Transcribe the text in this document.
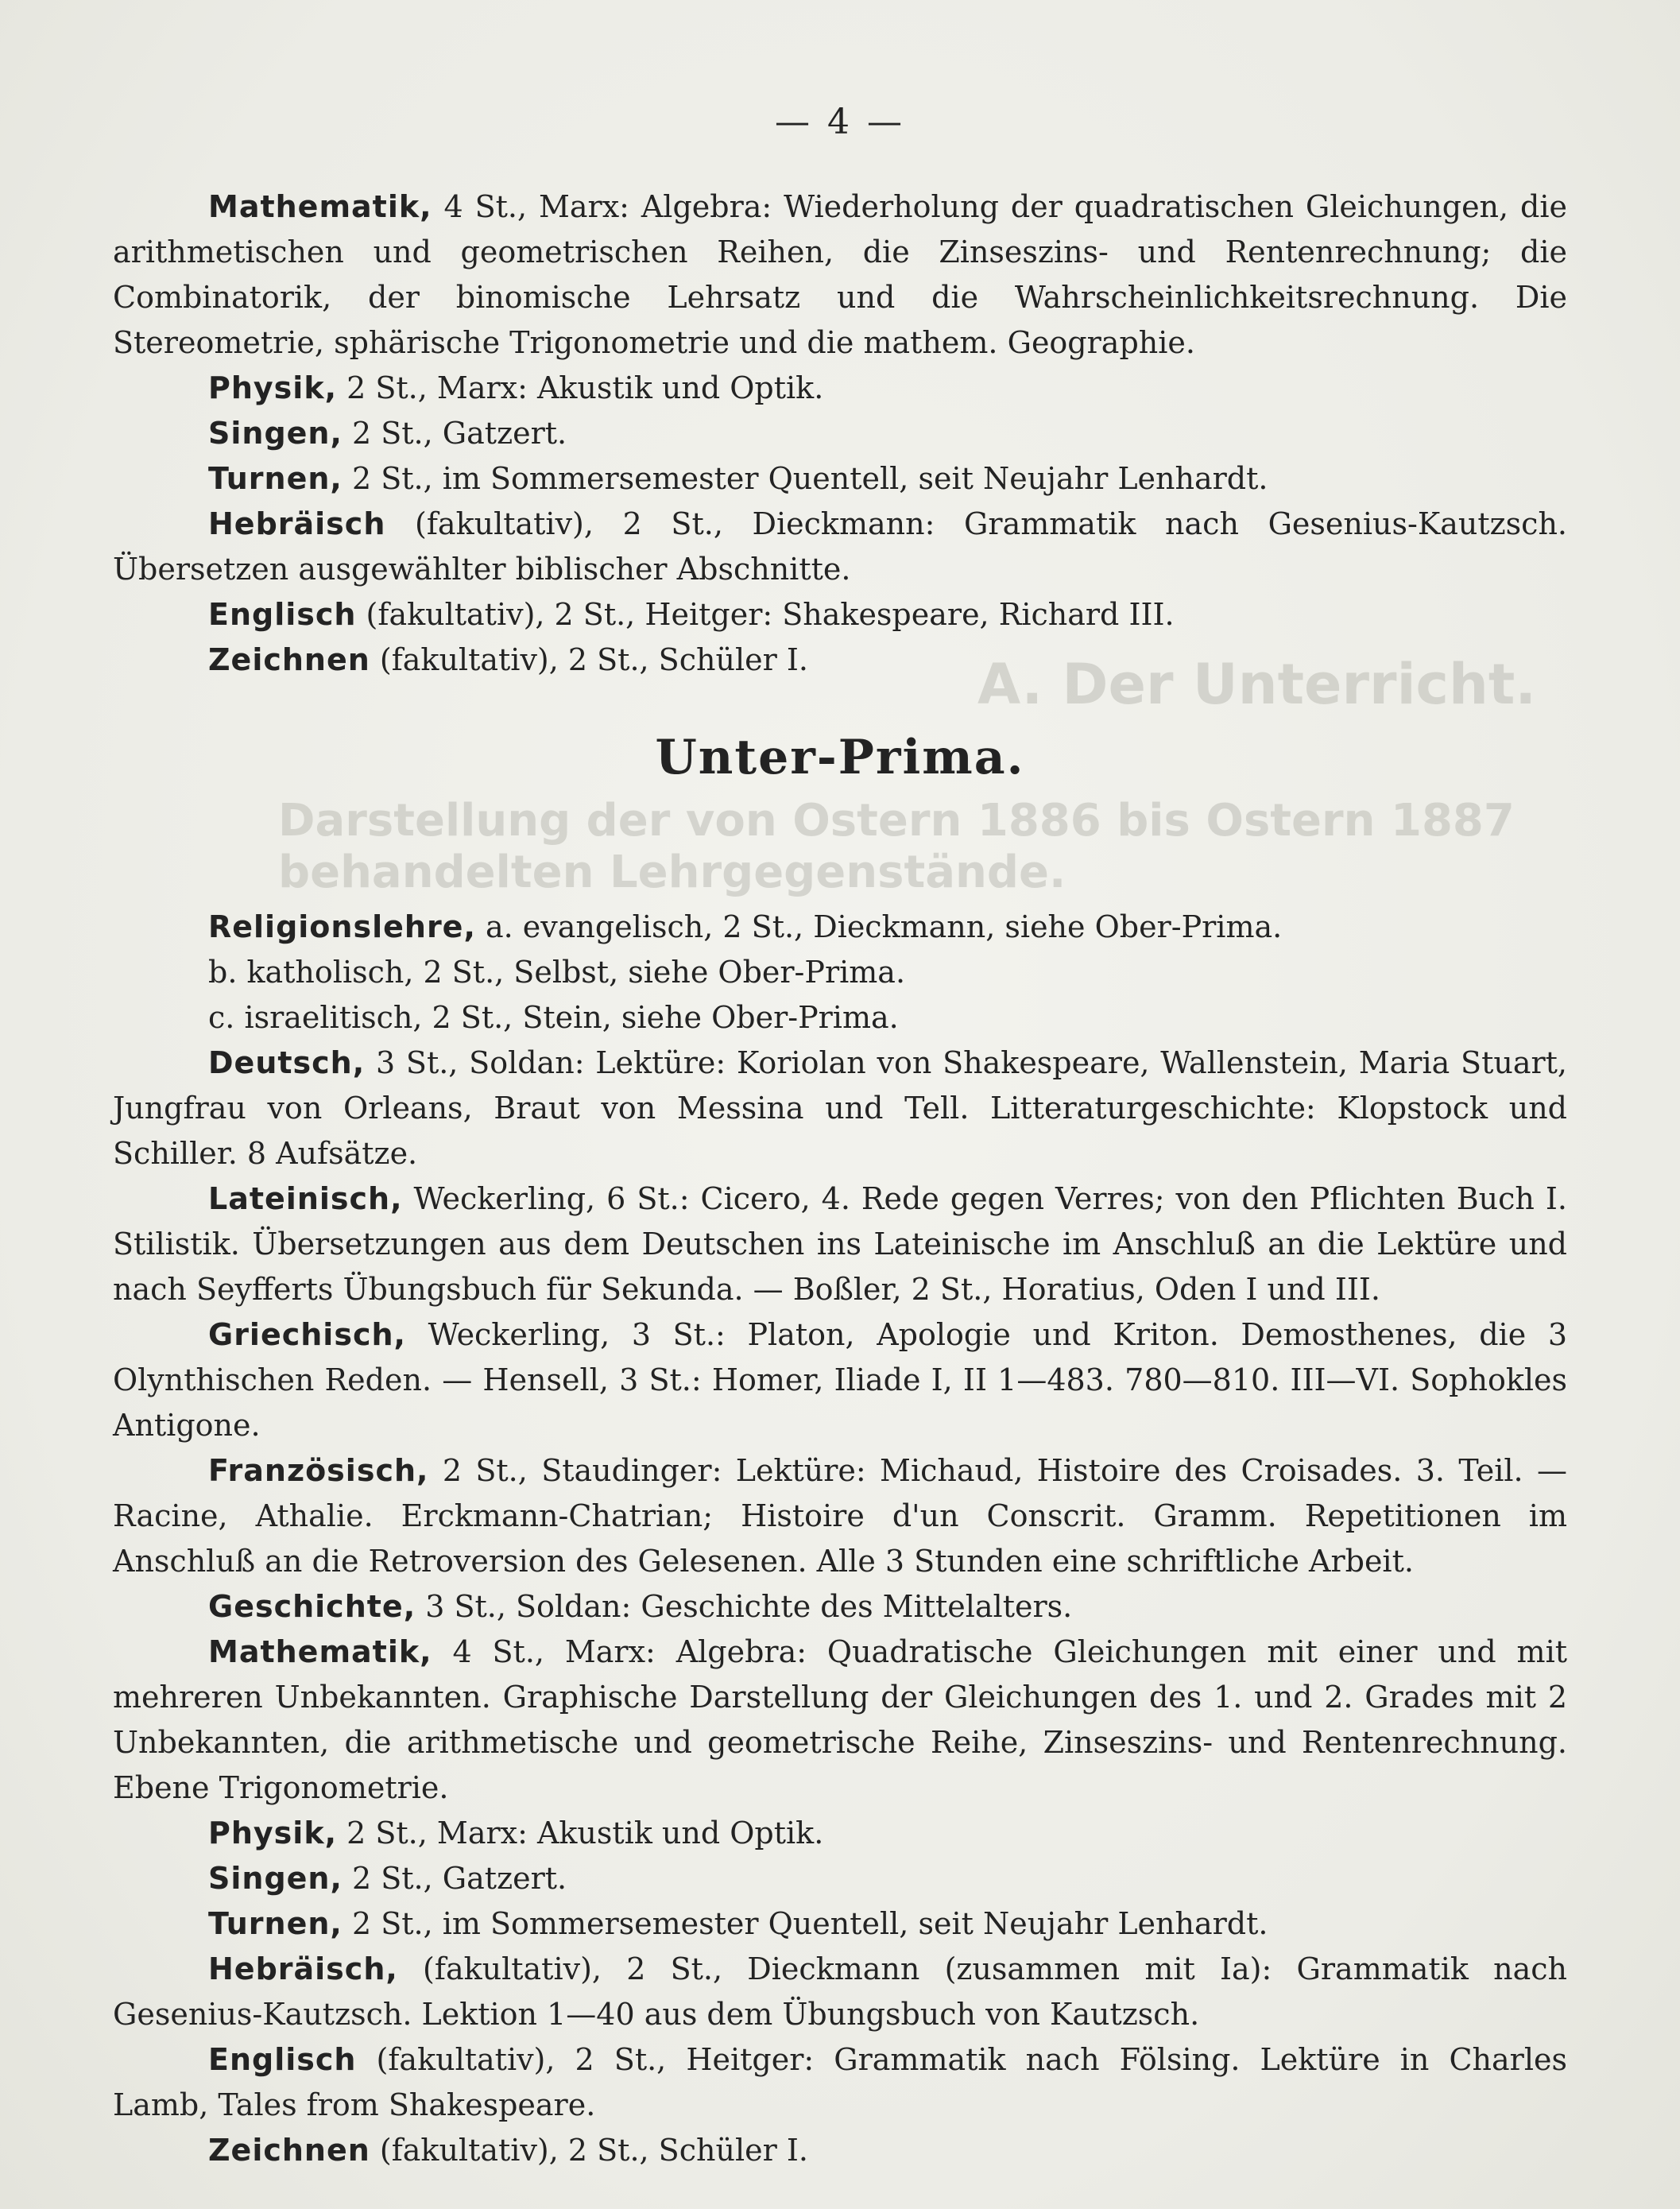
A. Der Unterricht.
Darstellung der von Ostern 1886 bis Ostern 1887 behandelten Lehrgegenstände.
— 4 —

Mathematik, 4 St., Marx: Algebra: Wiederholung der quadratischen Gleichungen, die arithmetischen und geometrischen Reihen, die Zinseszins- und Rentenrechnung; die Combinatorik, der binomische Lehrsatz und die Wahrscheinlichkeitsrechnung. Die Stereometrie, sphärische Trigonometrie und die mathem. Geographie.

Physik, 2 St., Marx: Akustik und Optik.

Singen, 2 St., Gatzert.

Turnen, 2 St., im Sommersemester Quentell, seit Neujahr Lenhardt.

Hebräisch (fakultativ), 2 St., Dieckmann: Grammatik nach Gesenius-Kautzsch. Übersetzen ausgewählter biblischer Abschnitte.

Englisch (fakultativ), 2 St., Heitger: Shakespeare, Richard III.

Zeichnen (fakultativ), 2 St., Schüler I.

Unter-Prima.

Religionslehre, a. evangelisch, 2 St., Dieckmann, siehe Ober-Prima.

b. katholisch, 2 St., Selbst, siehe Ober-Prima.

c. israelitisch, 2 St., Stein, siehe Ober-Prima.

Deutsch, 3 St., Soldan: Lektüre: Koriolan von Shakespeare, Wallenstein, Maria Stuart, Jungfrau von Orleans, Braut von Messina und Tell. Litteraturgeschichte: Klopstock und Schiller. 8 Aufsätze.

Lateinisch, Weckerling, 6 St.: Cicero, 4. Rede gegen Verres; von den Pflichten Buch I. Stilistik. Übersetzungen aus dem Deutschen ins Lateinische im Anschluß an die Lektüre und nach Seyfferts Übungsbuch für Sekunda. — Boßler, 2 St., Horatius, Oden I und III.

Griechisch, Weckerling, 3 St.: Platon, Apologie und Kriton. Demosthenes, die 3 Olynthischen Reden. — Hensell, 3 St.: Homer, Iliade I, II 1—483. 780—810. III—VI. Sophokles Antigone.

Französisch, 2 St., Staudinger: Lektüre: Michaud, Histoire des Croisades. 3. Teil. — Racine, Athalie. Erckmann-Chatrian; Histoire d'un Conscrit. Gramm. Repetitionen im Anschluß an die Retroversion des Gelesenen. Alle 3 Stunden eine schriftliche Arbeit.

Geschichte, 3 St., Soldan: Geschichte des Mittelalters.

Mathematik, 4 St., Marx: Algebra: Quadratische Gleichungen mit einer und mit mehreren Unbekannten. Graphische Darstellung der Gleichungen des 1. und 2. Grades mit 2 Unbekannten, die arithmetische und geometrische Reihe, Zinseszins- und Rentenrechnung. Ebene Trigonometrie.

Physik, 2 St., Marx: Akustik und Optik.

Singen, 2 St., Gatzert.

Turnen, 2 St., im Sommersemester Quentell, seit Neujahr Lenhardt.

Hebräisch, (fakultativ), 2 St., Dieckmann (zusammen mit Ia): Grammatik nach Gesenius-Kautzsch. Lektion 1—40 aus dem Übungsbuch von Kautzsch.

Englisch (fakultativ), 2 St., Heitger: Grammatik nach Fölsing. Lektüre in Charles Lamb, Tales from Shakespeare.

Zeichnen (fakultativ), 2 St., Schüler I.
